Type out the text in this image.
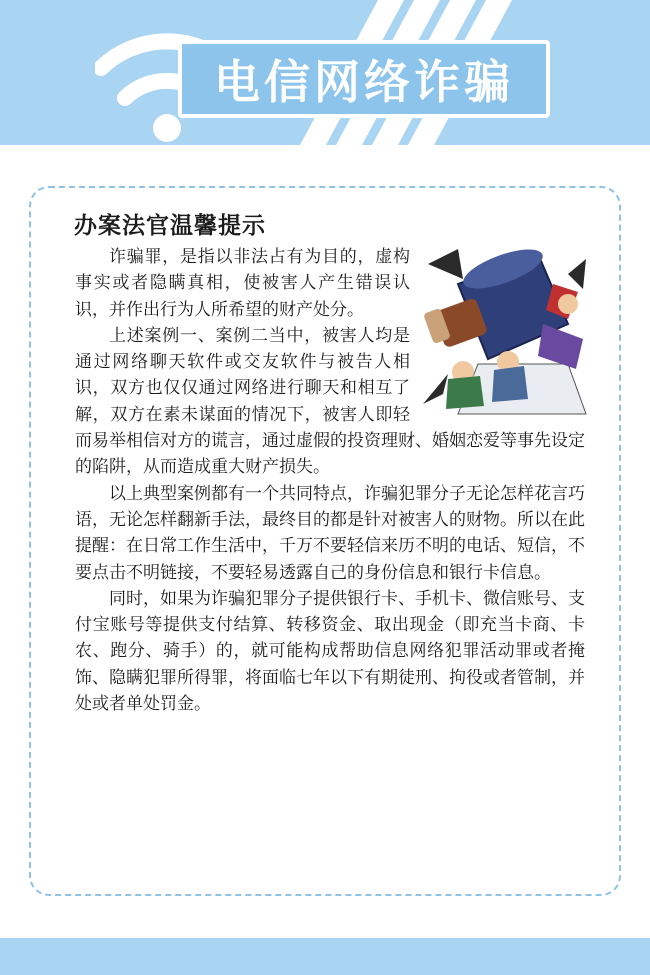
电信网络诈骗
办案法官温馨提示

诈骗罪，是指以非法占有为目的，虚构事实或者隐瞒真相，使被害人产生错误认识，并作出行为人所希望的财产处分。

上述案例一、案例二当中，被害人均是通过网络聊天软件或交友软件与被告人相识，双方也仅仅通过网络进行聊天和相互了解，双方在素未谋面的情况下，被害人即轻而易举相信对方的谎言，通过虚假的投资理财、婚姻恋爱等事先设定的陷阱，从而造成重大财产损失。

以上典型案例都有一个共同特点，诈骗犯罪分子无论怎样花言巧语，无论怎样翻新手法，最终目的都是针对被害人的财物。所以在此提醒：在日常工作生活中，千万不要轻信来历不明的电话、短信，不要点击不明链接，不要轻易透露自己的身份信息和银行卡信息。

同时，如果为诈骗犯罪分子提供银行卡、手机卡、微信账号、支付宝账号等提供支付结算、转移资金、取出现金（即充当卡商、卡农、跑分、骑手）的，就可能构成帮助信息网络犯罪活动罪或者掩饰、隐瞒犯罪所得罪，将面临七年以下有期徒刑、拘役或者管制，并处或者单处罚金。
